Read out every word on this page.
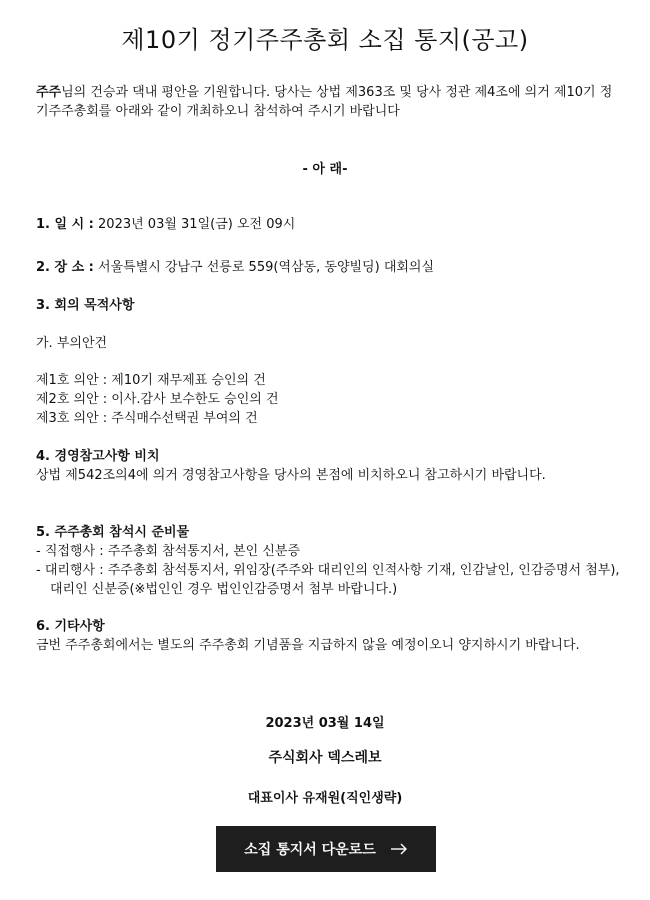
제10기 정기주주총회 소집 통지(공고)

주주님의 건승과 댁내 평안을 기원합니다. 당사는 상법 제363조 및 당사 정관 제4조에 의거 제10기 정기주주총회를 아래와 같이 개최하오니 참석하여 주시기 바랍니다

- 아 래-

1. 일 시 : 2023년 03월 31일(금) 오전 09시

2. 장 소 : 서울특별시 강남구 선릉로 559(역삼동, 동양빌딩) 대회의실

3. 회의 목적사항

가. 부의안건

제1호 의안 : 제10기 재무제표 승인의 건

제2호 의안 : 이사.감사 보수한도 승인의 건

제3호 의안 : 주식매수선택권 부여의 건

4. 경영참고사항 비치

상법 제542조의4에 의거 경영참고사항을 당사의 본점에 비치하오니 참고하시기 바랍니다.

5. 주주총회 참석시 준비물

- 직접행사 : 주주총회 참석통지서, 본인 신분증

- 대리행사 : 주주총회 참석통지서, 위임장(주주와 대리인의 인적사항 기재, 인감날인, 인감증명서 첨부),대리인 신분증(※법인인 경우 법인인감증명서 첨부 바랍니다.)

6. 기타사항

금번 주주총회에서는 별도의 주주총회 기념품을 지급하지 않을 예정이오니 양지하시기 바랍니다.

2023년 03월 14일

주식회사 덱스레보

대표이사 유재원(직인생략)

소집 통지서 다운로드
